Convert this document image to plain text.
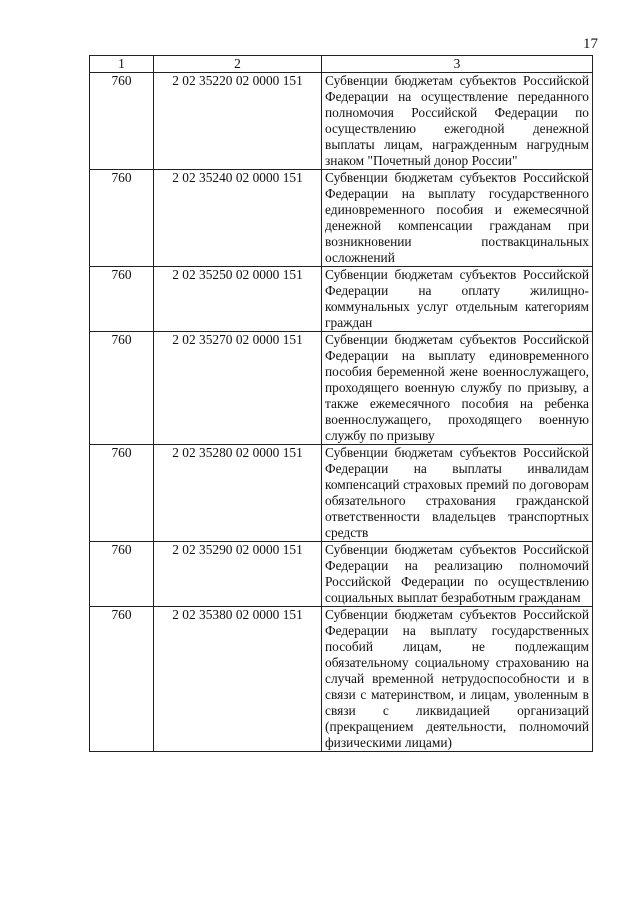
17
1	2	3
760	2 02 35220 02 0000 151	Субвенции бюджетам субъектов Российской Федерации на осуществление переданного полномочия Российской Федерации по осуществлению ежегодной денежной выплаты лицам, награжденным нагрудным знаком "Почетный донор России"
760	2 02 35240 02 0000 151	Субвенции бюджетам субъектов Российской Федерации на выплату государственного единовременного пособия и ежемесячной денежной компенсации гражданам при возникновении поствакцинальных осложнений
760	2 02 35250 02 0000 151	Субвенции бюджетам субъектов Российской Федерации на оплату жилищно-коммунальных услуг отдельным категориям граждан
760	2 02 35270 02 0000 151	Субвенции бюджетам субъектов Российской Федерации на выплату единовременного пособия беременной жене военнослужащего, проходящего военную службу по призыву, а также ежемесячного пособия на ребенка военнослужащего, проходящего военную службу по призыву
760	2 02 35280 02 0000 151	Субвенции бюджетам субъектов Российской Федерации на выплаты инвалидам компенсаций страховых премий по договорам обязательного страхования гражданской ответственности владельцев транспортных средств
760	2 02 35290 02 0000 151	Субвенции бюджетам субъектов Российской Федерации на реализацию полномочий Российской Федерации по осуществлению социальных выплат безработным гражданам
760	2 02 35380 02 0000 151	Субвенции бюджетам субъектов Российской Федерации на выплату государственных пособий лицам, не подлежащим обязательному социальному страхованию на случай временной нетрудоспособности и в связи с материнством, и лицам, уволенным в связи с ликвидацией организаций (прекращением деятельности, полномочий физическими лицами)
